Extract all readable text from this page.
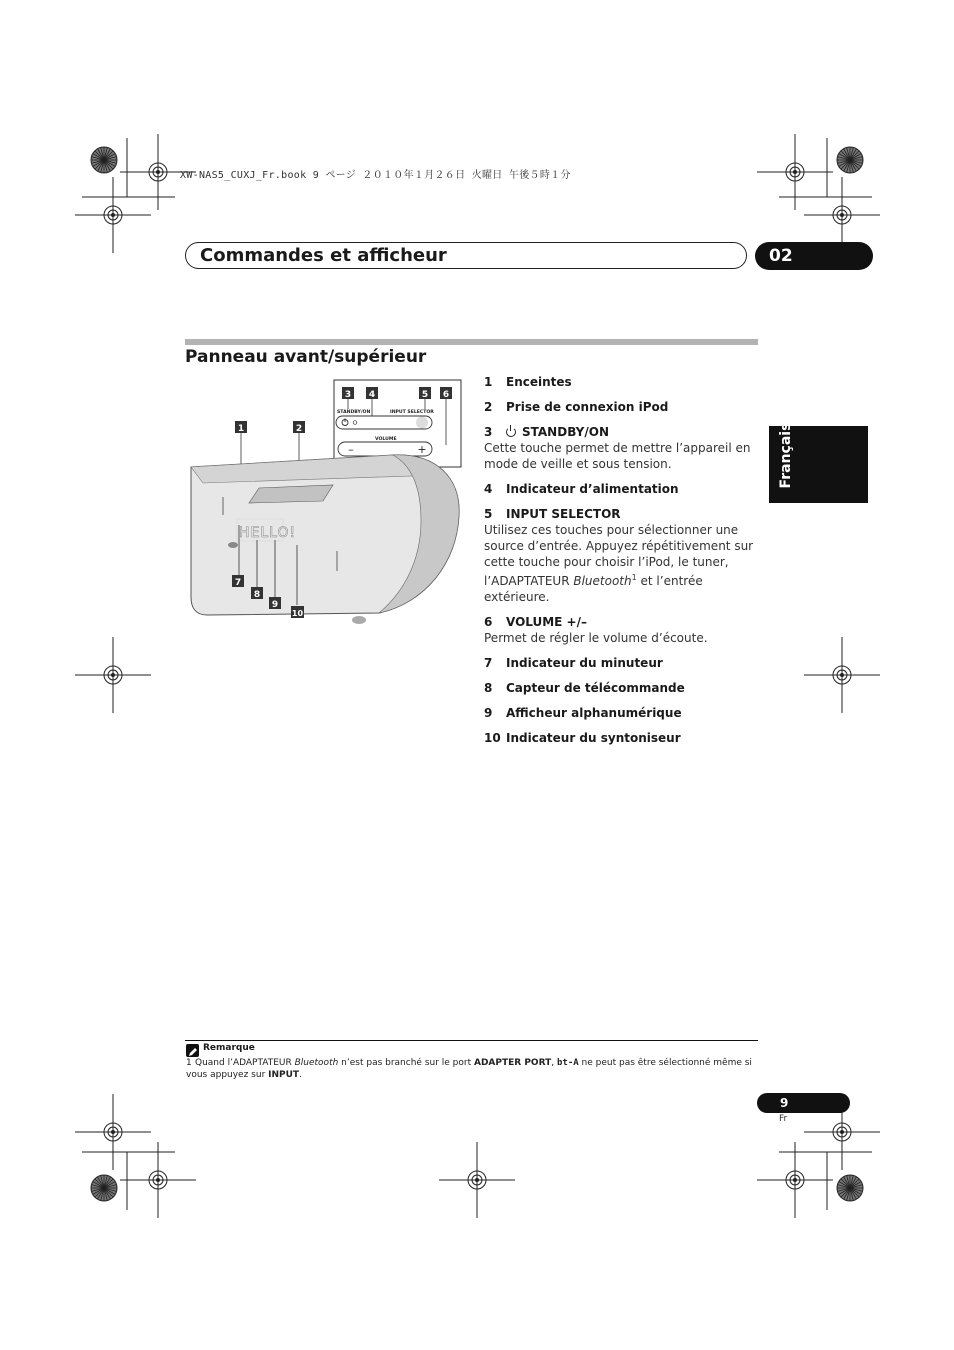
XW-NAS5_CUXJ_Fr.book 9 ページ ２０１０年１月２６日 火曜日 午後５時１分
Commandes et afficheur	02
Français
Panneau avant/supérieur
3 4	5 6
STANDBY/ON	INPUT SELECTOR
VOLUME
–	+
1	2
HELLO!
7
8
9
10
1 Enceintes
2 Prise de connexion iPod
3 STANDBY/ON
Cette touche permet de mettre l’appareil en mode de veille et sous tension.
4 Indicateur d’alimentation
5 INPUT SELECTOR
Utilisez ces touches pour sélectionner une source d’entrée. Appuyez répétitivement sur cette touche pour choisir l’iPod, le tuner, l’ADAPTATEUR Bluetooth$^1$ et l’entrée extérieure.
6 VOLUME +/–
Permet de régler le volume d’écoute.
7 Indicateur du minuteur
8 Capteur de télécommande
9 Afficheur alphanumérique
10 Indicateur du syntoniseur
Remarque
1 Quand l’ADAPTATEUR Bluetooth n’est pas branché sur le port ADAPTER PORT, bt-A ne peut pas être sélectionné même si vous appuyez sur INPUT.
9
Fr
